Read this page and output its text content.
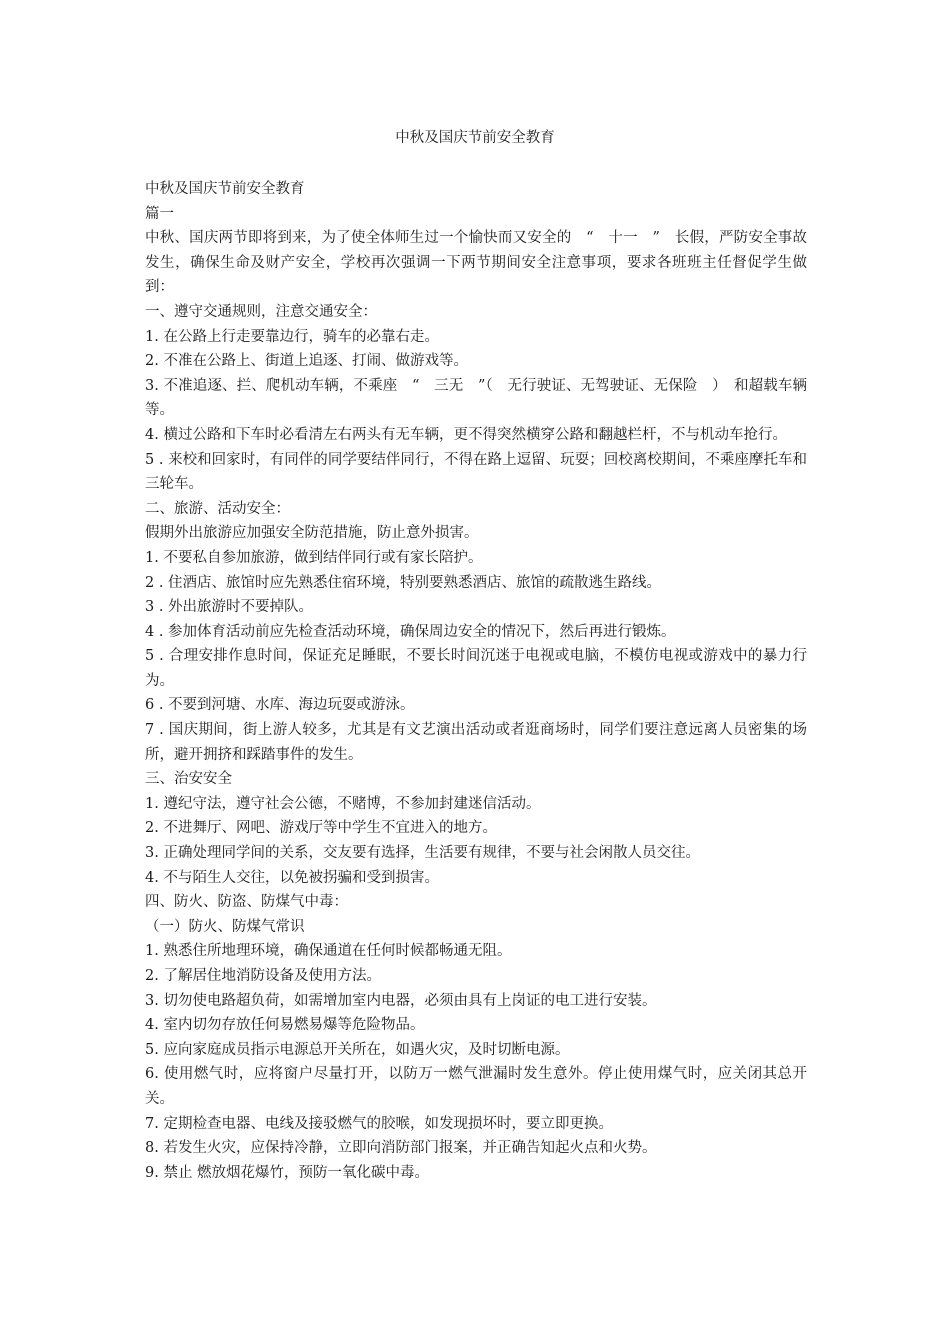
中秋及国庆节前安全教育

中秋及国庆节前安全教育

篇一

中秋、国庆两节即将到来，为了使全体师生过一个愉快而又安全的　“　十一　”　长假，严防安全事故发生，确保生命及财产安全，学校再次强调一下两节期间安全注意事项，要求各班班主任督促学生做到：

一、遵守交通规则，注意交通安全：

1. 在公路上行走要靠边行，骑车的必靠右走。

2. 不准在公路上、街道上追逐、打闹、做游戏等。

3. 不准追逐、拦、爬机动车辆，不乘座　“　三无　”（　无行驶证、无驾驶证、无保险　）　和超载车辆等。

4. 横过公路和下车时必看清左右两头有无车辆，更不得突然横穿公路和翻越栏杆，不与机动车抢行。

5 . 来校和回家时，有同伴的同学要结伴同行，不得在路上逗留、玩耍；回校离校期间，不乘座摩托车和三轮车。

二、旅游、活动安全：

假期外出旅游应加强安全防范措施，防止意外损害。

1. 不要私自参加旅游，做到结伴同行或有家长陪护。

2 . 住酒店、旅馆时应先熟悉住宿环境，特别要熟悉酒店、旅馆的疏散逃生路线。

3 . 外出旅游时不要掉队。

4 . 参加体育活动前应先检查活动环境，确保周边安全的情况下，然后再进行锻炼。

5 . 合理安排作息时间，保证充足睡眠，不要长时间沉迷于电视或电脑，不模仿电视或游戏中的暴力行为。

6 . 不要到河塘、水库、海边玩耍或游泳。

7 . 国庆期间，街上游人较多，尤其是有文艺演出活动或者逛商场时，同学们要注意远离人员密集的场所，避开拥挤和踩踏事件的发生。

三、治安安全

1. 遵纪守法，遵守社会公德，不赌博，不参加封建迷信活动。

2. 不进舞厅、网吧、游戏厅等中学生不宜进入的地方。

3. 正确处理同学间的关系，交友要有选择，生活要有规律，不要与社会闲散人员交往。

4. 不与陌生人交往，以免被拐骗和受到损害。

四、防火、防盗、防煤气中毒：

（一）防火、防煤气常识

1. 熟悉住所地理环境，确保通道在任何时候都畅通无阻。

2. 了解居住地消防设备及使用方法。

3. 切勿使电路超负荷，如需增加室内电器，必须由具有上岗证的电工进行安装。

4. 室内切勿存放任何易燃易爆等危险物品。

5. 应向家庭成员指示电源总开关所在，如遇火灾，及时切断电源。

6. 使用燃气时，应将窗户尽量打开，以防万一燃气泄漏时发生意外。停止使用煤气时，应关闭其总开关。

7. 定期检查电器、电线及接驳燃气的胶喉，如发现损坏时，要立即更换。

8. 若发生火灾，应保持冷静，立即向消防部门报案，并正确告知起火点和火势。

9. 禁止 燃放烟花爆竹，预防一氧化碳中毒。
